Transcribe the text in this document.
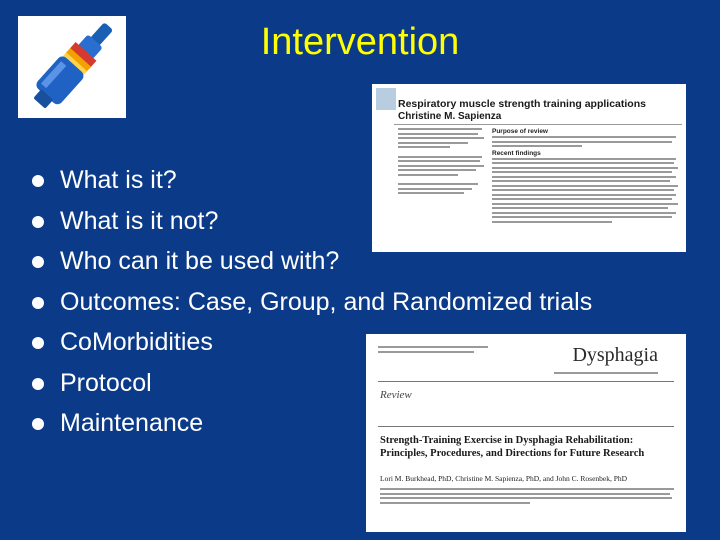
Intervention
What is it?
What is it not?
Who can it be used with?
Outcomes: Case, Group, and Randomized trials
CoMorbidities
Protocol
Maintenance
Respiratory muscle strength training applications
Christine M. Sapienza
Purpose of review
Recent findings
Dysphagia
Review
Strength-Training Exercise in Dysphagia Rehabilitation: Principles, Procedures, and Directions for Future Research
Lori M. Burkhead, PhD, Christine M. Sapienza, PhD, and John C. Rosenbek, PhD
